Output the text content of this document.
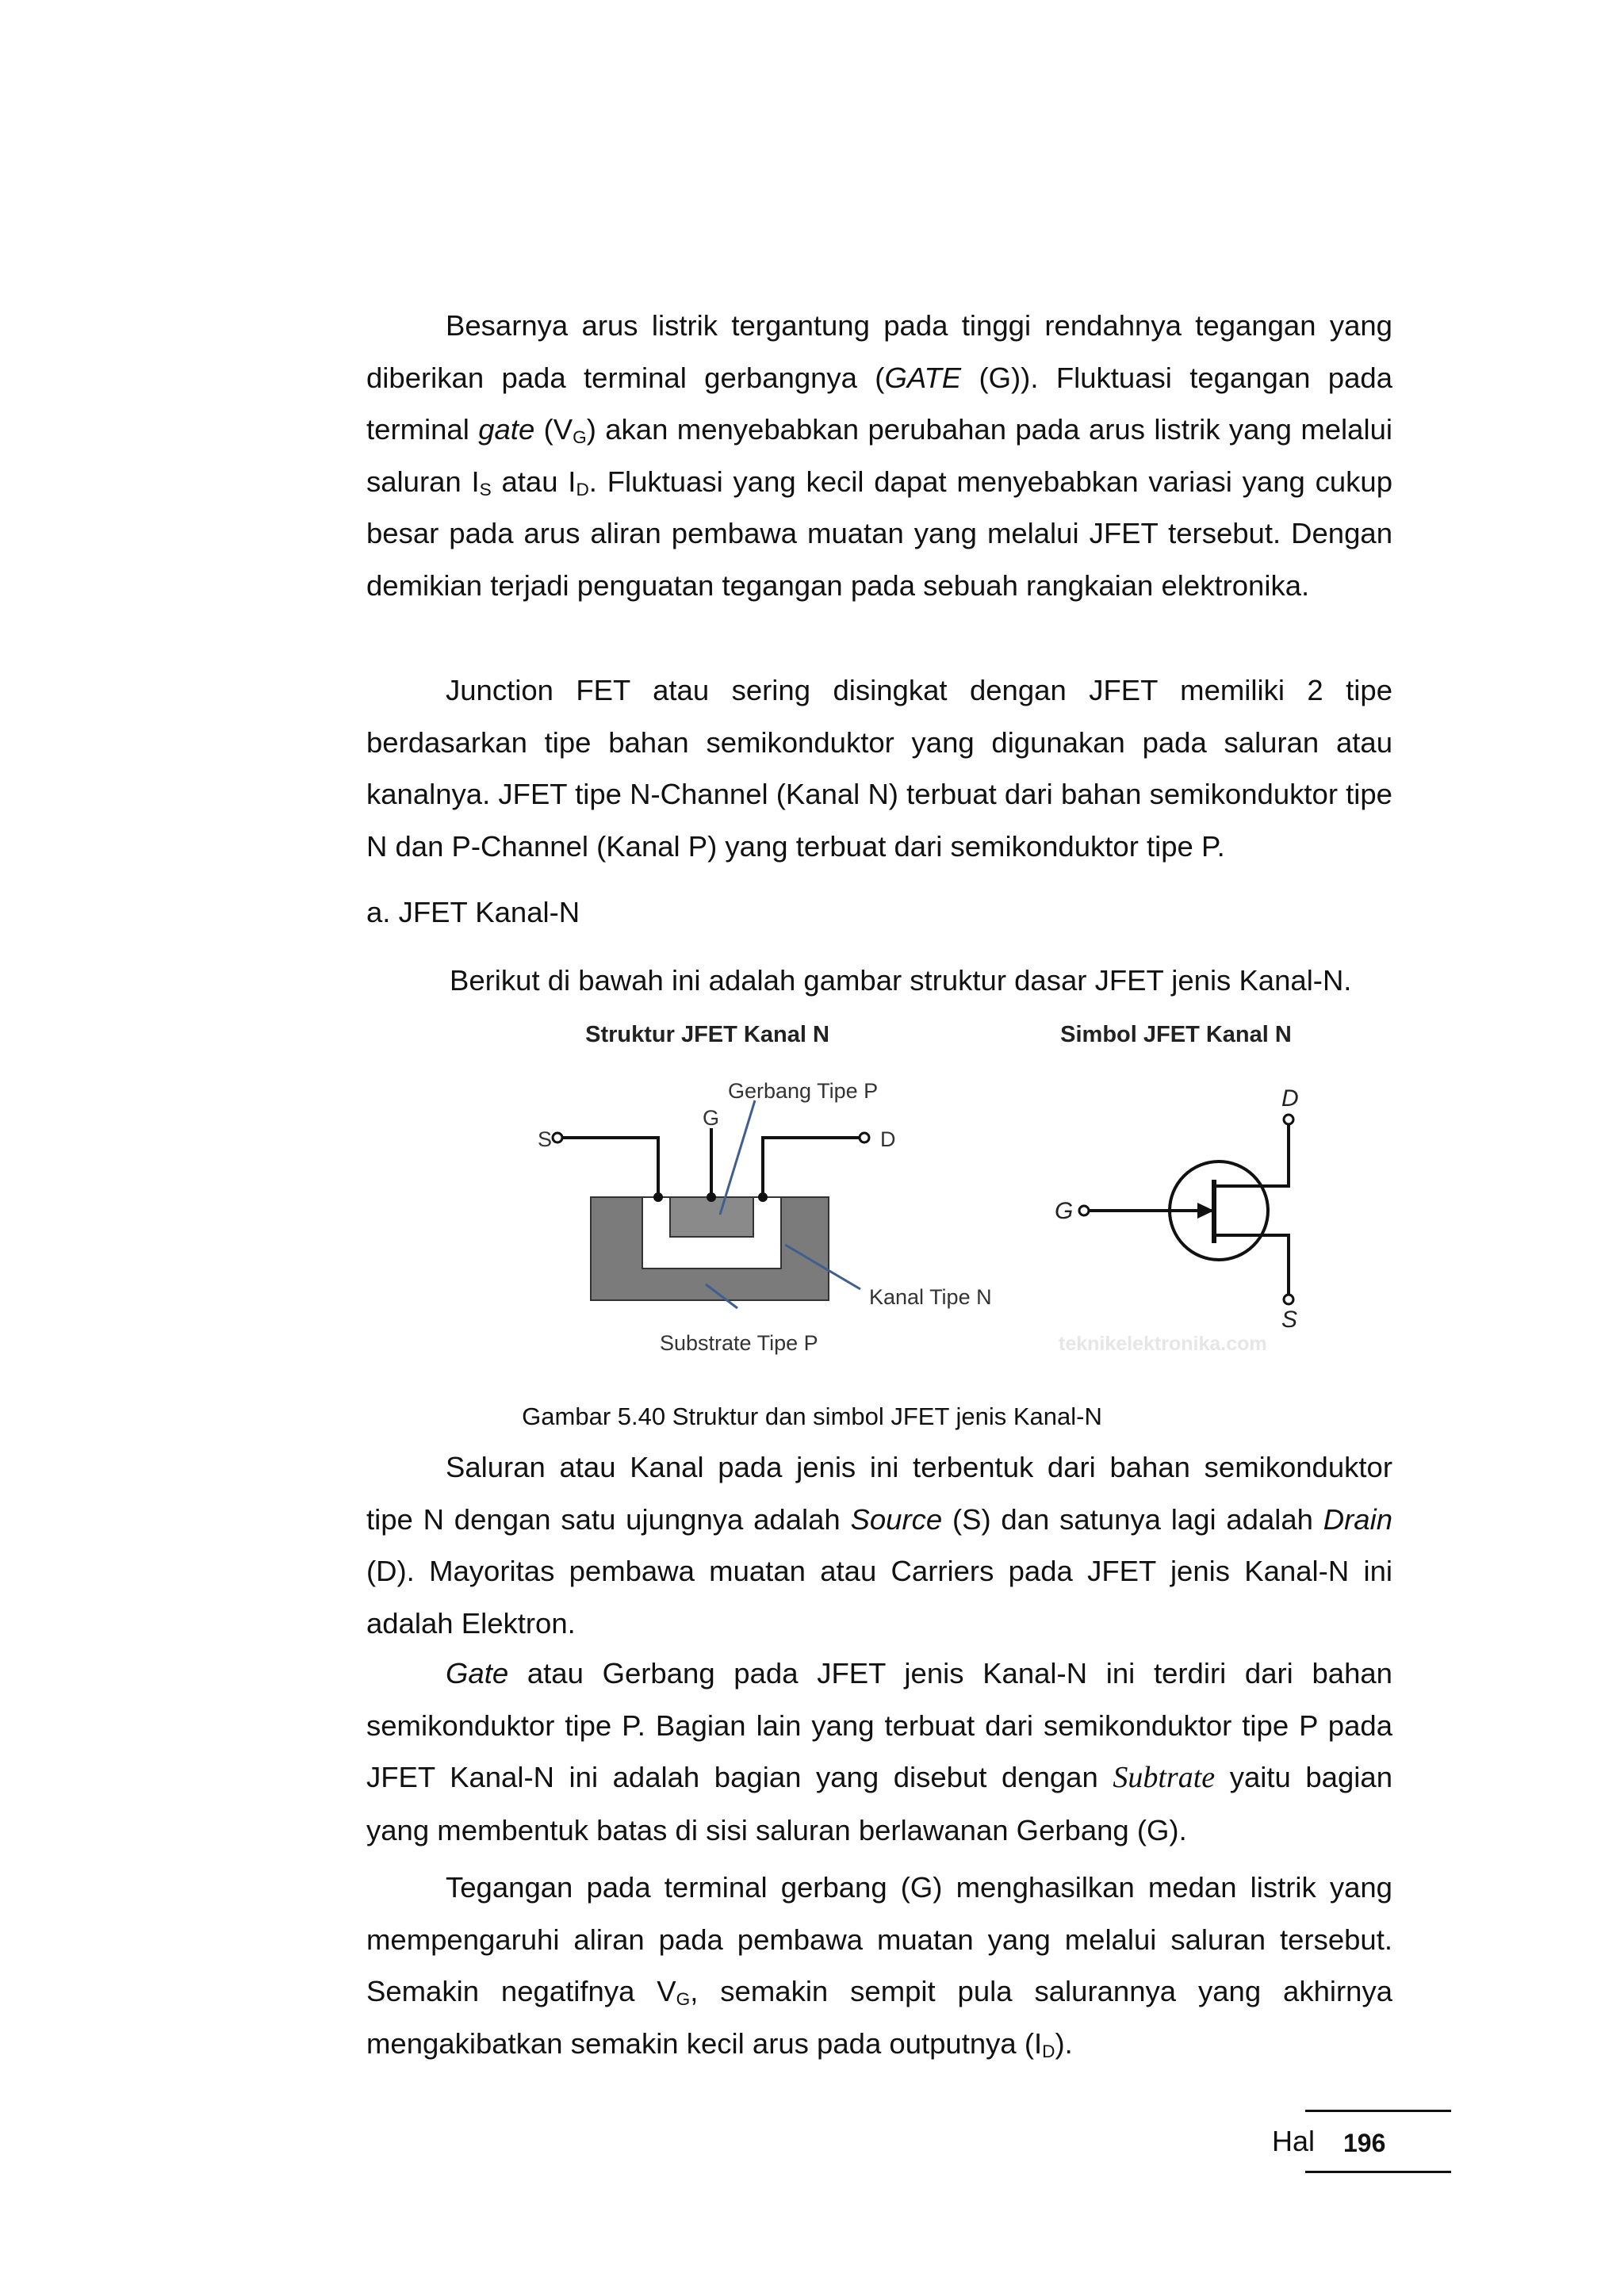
Besarnya arus listrik tergantung pada tinggi rendahnya tegangan yang diberikan pada terminal gerbangnya (GATE (G)). Fluktuasi tegangan pada terminal gate $(V_G)$ akan menyebabkan perubahan pada arus listrik yang melalui saluran $I_S$ atau $I_D$. Fluktuasi yang kecil dapat menyebabkan variasi yang cukup besar pada arus aliran pembawa muatan yang melalui JFET tersebut. Dengan demikian terjadi penguatan tegangan pada sebuah rangkaian elektronika.

Junction FET atau sering disingkat dengan JFET memiliki 2 tipe berdasarkan tipe bahan semikonduktor yang digunakan pada saluran atau kanalnya. JFET tipe N-Channel (Kanal N) terbuat dari bahan semikonduktor tipe N dan P-Channel (Kanal P) yang terbuat dari semikonduktor tipe P.

a. JFET Kanal-N

Berikut di bawah ini adalah gambar struktur dasar JFET jenis Kanal-N.

Struktur JFET Kanal N
S
G
D
Gerbang Tipe P
Kanal Tipe N
Substrate Tipe P
Simbol JFET Kanal N
D
G
S
teknikelektronika.com

Gambar 5.40 Struktur dan simbol JFET jenis Kanal-N

Saluran atau Kanal pada jenis ini terbentuk dari bahan semikonduktor tipe N dengan satu ujungnya adalah Source (S) dan satunya lagi adalah Drain (D). Mayoritas pembawa muatan atau Carriers pada JFET jenis Kanal-N ini adalah Elektron.

Gate atau Gerbang pada JFET jenis Kanal-N ini terdiri dari bahan semikonduktor tipe P. Bagian lain yang terbuat dari semikonduktor tipe P pada JFET Kanal-N ini adalah bagian yang disebut dengan Subtrate yaitu bagian yang membentuk batas di sisi saluran berlawanan Gerbang (G).

Tegangan pada terminal gerbang (G) menghasilkan medan listrik yang mempengaruhi aliran pada pembawa muatan yang melalui saluran tersebut. Semakin negatifnya $V_G$, semakin sempit pula salurannya yang akhirnya mengakibatkan semakin kecil arus pada outputnya $(I_D)$.

Hal 196
